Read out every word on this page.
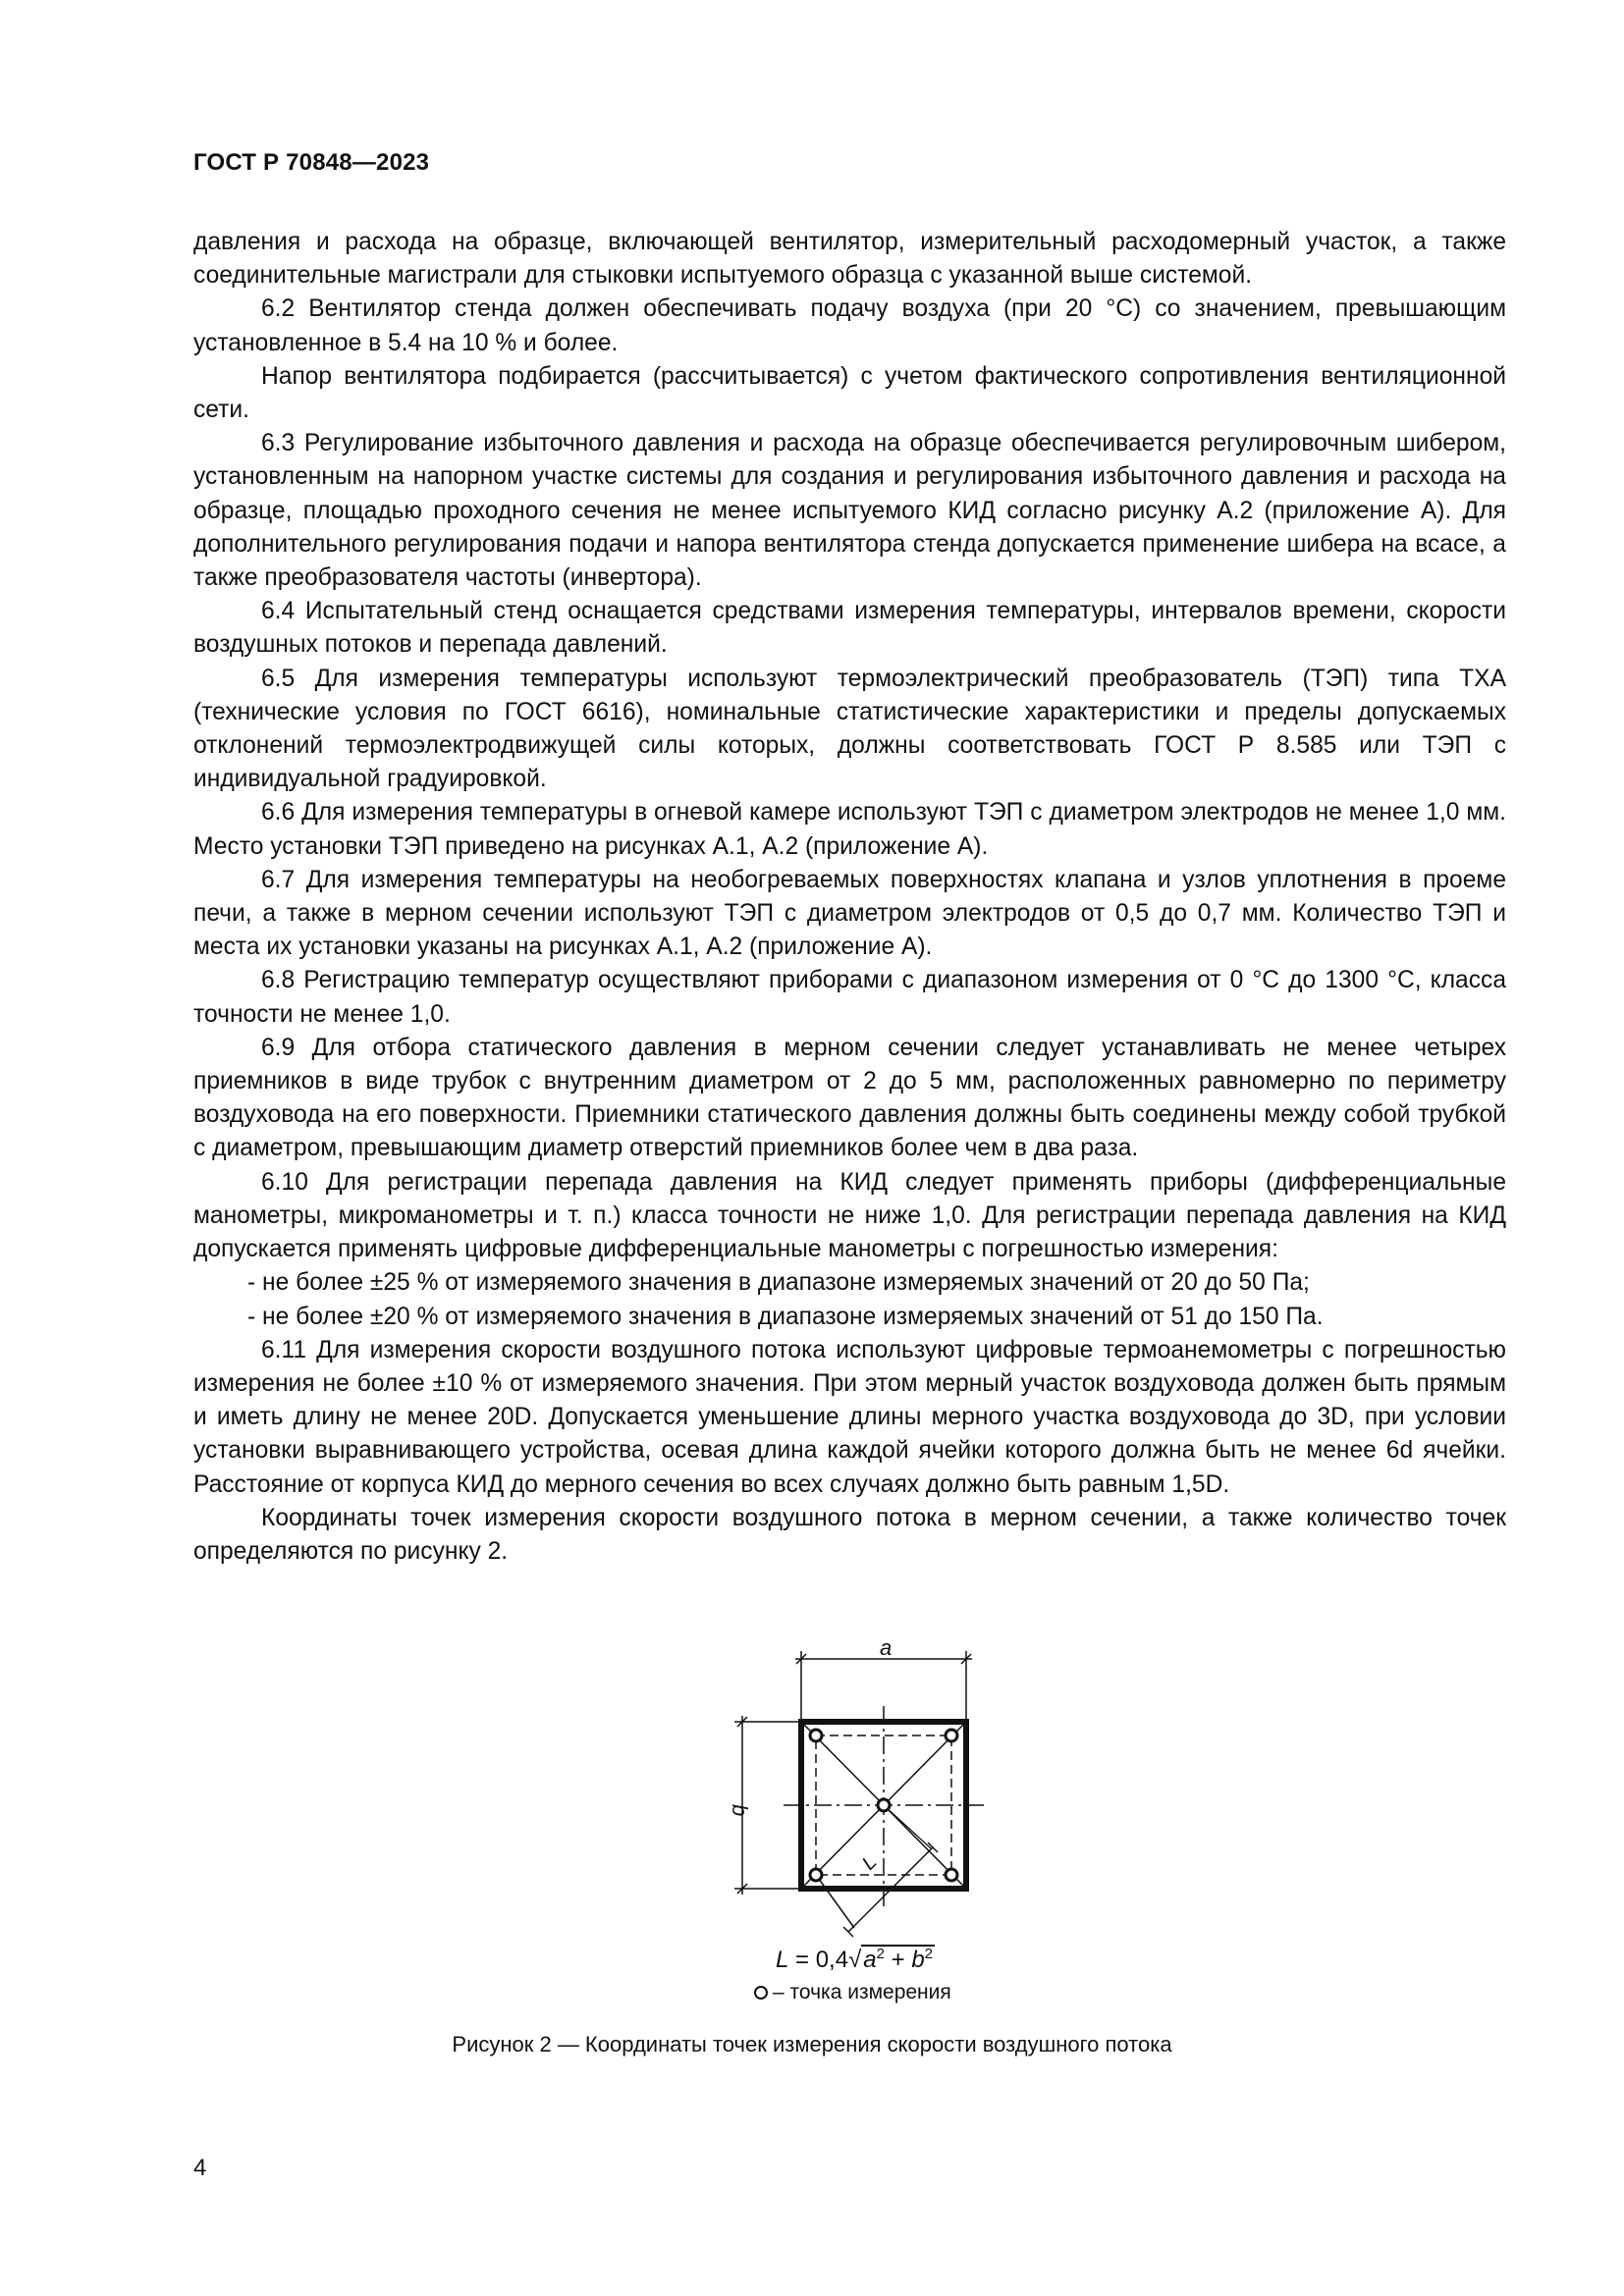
ГОСТ Р 70848—2023

давления и расхода на образце, включающей вентилятор, измерительный расходомерный участок, а также соединительные магистрали для стыковки испытуемого образца с указанной выше системой.

6.2 Вентилятор стенда должен обеспечивать подачу воздуха (при 20 °С) со значением, превышающим установленное в 5.4 на 10 % и более.

Напор вентилятора подбирается (рассчитывается) с учетом фактического сопротивления вентиляционной сети.

6.3 Регулирование избыточного давления и расхода на образце обеспечивается регулировочным шибером, установленным на напорном участке системы для создания и регулирования избыточного давления и расхода на образце, площадью проходного сечения не менее испытуемого КИД согласно рисунку А.2 (приложение А). Для дополнительного регулирования подачи и напора вентилятора стенда допускается применение шибера на всасе, а также преобразователя частоты (инвертора).

6.4 Испытательный стенд оснащается средствами измерения температуры, интервалов времени, скорости воздушных потоков и перепада давлений.

6.5 Для измерения температуры используют термоэлектрический преобразователь (ТЭП) типа ТХА (технические условия по ГОСТ 6616), номинальные статистические характеристики и пределы допускаемых отклонений термоэлектродвижущей силы которых, должны соответствовать ГОСТ Р 8.585 или ТЭП с индивидуальной градуировкой.

6.6 Для измерения температуры в огневой камере используют ТЭП с диаметром электродов не менее 1,0 мм. Место установки ТЭП приведено на рисунках А.1, А.2 (приложение А).

6.7 Для измерения температуры на необогреваемых поверхностях клапана и узлов уплотнения в проеме печи, а также в мерном сечении используют ТЭП с диаметром электродов от 0,5 до 0,7 мм. Количество ТЭП и места их установки указаны на рисунках А.1, А.2 (приложение А).

6.8 Регистрацию температур осуществляют приборами с диапазоном измерения от 0 °С до 1300 °С, класса точности не менее 1,0.

6.9 Для отбора статического давления в мерном сечении следует устанавливать не менее четырех приемников в виде трубок с внутренним диаметром от 2 до 5 мм, расположенных равномерно по периметру воздуховода на его поверхности. Приемники статического давления должны быть соединены между собой трубкой с диаметром, превышающим диаметр отверстий приемников более чем в два раза.

6.10 Для регистрации перепада давления на КИД следует применять приборы (дифференциальные манометры, микроманометры и т. п.) класса точности не ниже 1,0. Для регистрации перепада давления на КИД допускается применять цифровые дифференциальные манометры с погрешностью измерения:

- не более ±25 % от измеряемого значения в диапазоне измеряемых значений от 20 до 50 Па;

- не более ±20 % от измеряемого значения в диапазоне измеряемых значений от 51 до 150 Па.

6.11 Для измерения скорости воздушного потока используют цифровые термоанемометры с погрешностью измерения не более ±10 % от измеряемого значения. При этом мерный участок воздуховода должен быть прямым и иметь длину не менее 20D. Допускается уменьшение длины мерного участка воздуховода до 3D, при условии установки выравнивающего устройства, осевая длина каждой ячейки которого должна быть не менее 6d ячейки. Расстояние от корпуса КИД до мерного сечения во всех случаях должно быть равным 1,5D.

Координаты точек измерения скорости воздушного потока в мерном сечении, а также количество точек определяются по рисунку 2.

a
b
L
$L = 0,4√a^2 + b^2$
– точка измерения
Рисунок 2 — Координаты точек измерения скорости воздушного потока
4
